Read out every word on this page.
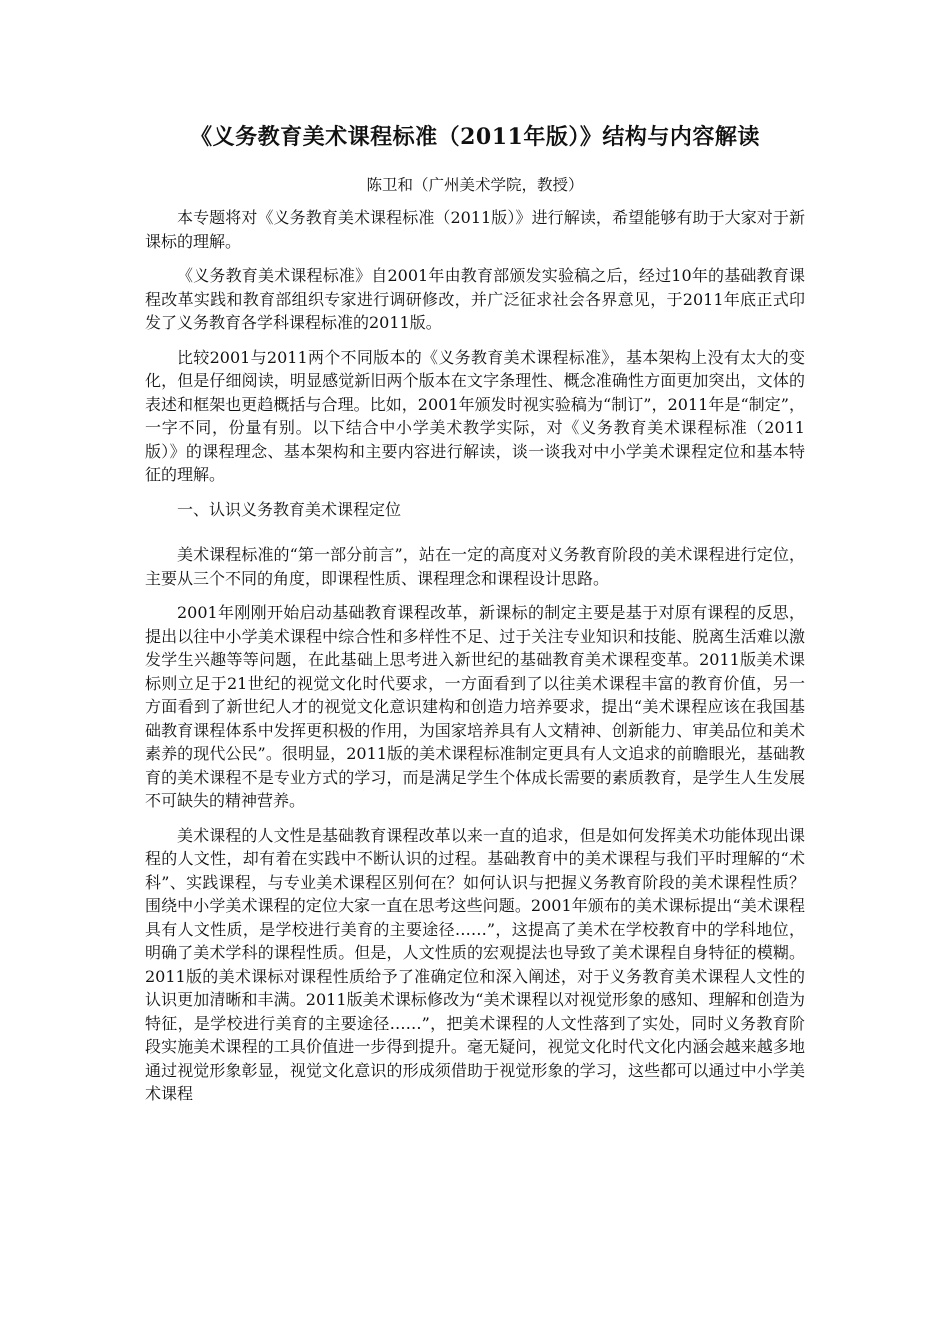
《义务教育美术课程标准（2011年版）》结构与内容解读
陈卫和（广州美术学院，教授）

本专题将对《义务教育美术课程标准（2011版）》进行解读，希望能够有助于大家对于新课标的理解。

《义务教育美术课程标准》自2001年由教育部颁发实验稿之后，经过10年的基础教育课程改革实践和教育部组织专家进行调研修改，并广泛征求社会各界意见，于2011年底正式印发了义务教育各学科课程标准的2011版。

比较2001与2011两个不同版本的《义务教育美术课程标准》，基本架构上没有太大的变化，但是仔细阅读，明显感觉新旧两个版本在文字条理性、概念准确性方面更加突出，文体的表述和框架也更趋概括与合理。比如，2001年颁发时视实验稿为“制订”，2011年是“制定”，一字不同，份量有别。以下结合中小学美术教学实际，对《义务教育美术课程标准（2011版）》的课程理念、基本架构和主要内容进行解读，谈一谈我对中小学美术课程定位和基本特征的理解。

一、认识义务教育美术课程定位

美术课程标准的“第一部分前言”，站在一定的高度对义务教育阶段的美术课程进行定位，主要从三个不同的角度，即课程性质、课程理念和课程设计思路。

2001年刚刚开始启动基础教育课程改革，新课标的制定主要是基于对原有课程的反思，提出以往中小学美术课程中综合性和多样性不足、过于关注专业知识和技能、脱离生活难以激发学生兴趣等等问题，在此基础上思考进入新世纪的基础教育美术课程变革。2011版美术课标则立足于21世纪的视觉文化时代要求，一方面看到了以往美术课程丰富的教育价值，另一方面看到了新世纪人才的视觉文化意识建构和创造力培养要求，提出“美术课程应该在我国基础教育课程体系中发挥更积极的作用，为国家培养具有人文精神、创新能力、审美品位和美术素养的现代公民”。很明显，2011版的美术课程标准制定更具有人文追求的前瞻眼光，基础教育的美术课程不是专业方式的学习，而是满足学生个体成长需要的素质教育，是学生人生发展不可缺失的精神营养。

美术课程的人文性是基础教育课程改革以来一直的追求，但是如何发挥美术功能体现出课程的人文性，却有着在实践中不断认识的过程。基础教育中的美术课程与我们平时理解的“术科”、实践课程，与专业美术课程区别何在？如何认识与把握义务教育阶段的美术课程性质？围绕中小学美术课程的定位大家一直在思考这些问题。2001年颁布的美术课标提出“美术课程具有人文性质，是学校进行美育的主要途径……”，这提高了美术在学校教育中的学科地位，明确了美术学科的课程性质。但是，人文性质的宏观提法也导致了美术课程自身特征的模糊。2011版的美术课标对课程性质给予了准确定位和深入阐述，对于义务教育美术课程人文性的认识更加清晰和丰满。2011版美术课标修改为“美术课程以对视觉形象的感知、理解和创造为特征，是学校进行美育的主要途径……”，把美术课程的人文性落到了实处，同时义务教育阶段实施美术课程的工具价值进一步得到提升。毫无疑问，视觉文化时代文化内涵会越来越多地通过视觉形象彰显，视觉文化意识的形成须借助于视觉形象的学习，这些都可以通过中小学美术课程
